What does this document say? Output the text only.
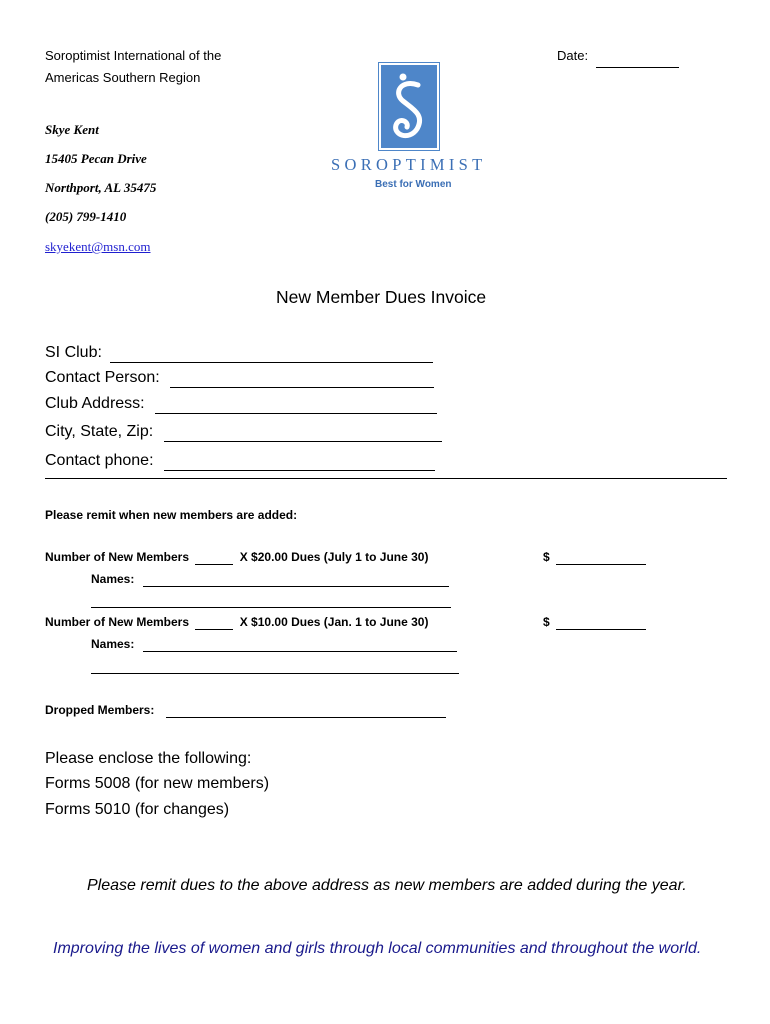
Soroptimist International of the
Americas Southern Region
Date:
Skye Kent
15405 Pecan Drive
Northport, AL 35475
(205) 799-1410
skyekent@msn.com
SOROPTIMIST
Best for Women
New Member Dues Invoice
SI Club:
Contact Person:
Club Address:
City, State, Zip:
Contact phone:
Please remit when new members are added:
Number of New Members	X $20.00 Dues (July 1 to June 30)	$
Names:
Number of New Members	X $10.00 Dues (Jan. 1 to June 30)	$
Names:
Dropped Members:
Please enclose the following:
Forms 5008 (for new members)
Forms 5010 (for changes)
Please remit dues to the above address as new members are added during the year.
Improving the lives of women and girls through local communities and throughout the world.
